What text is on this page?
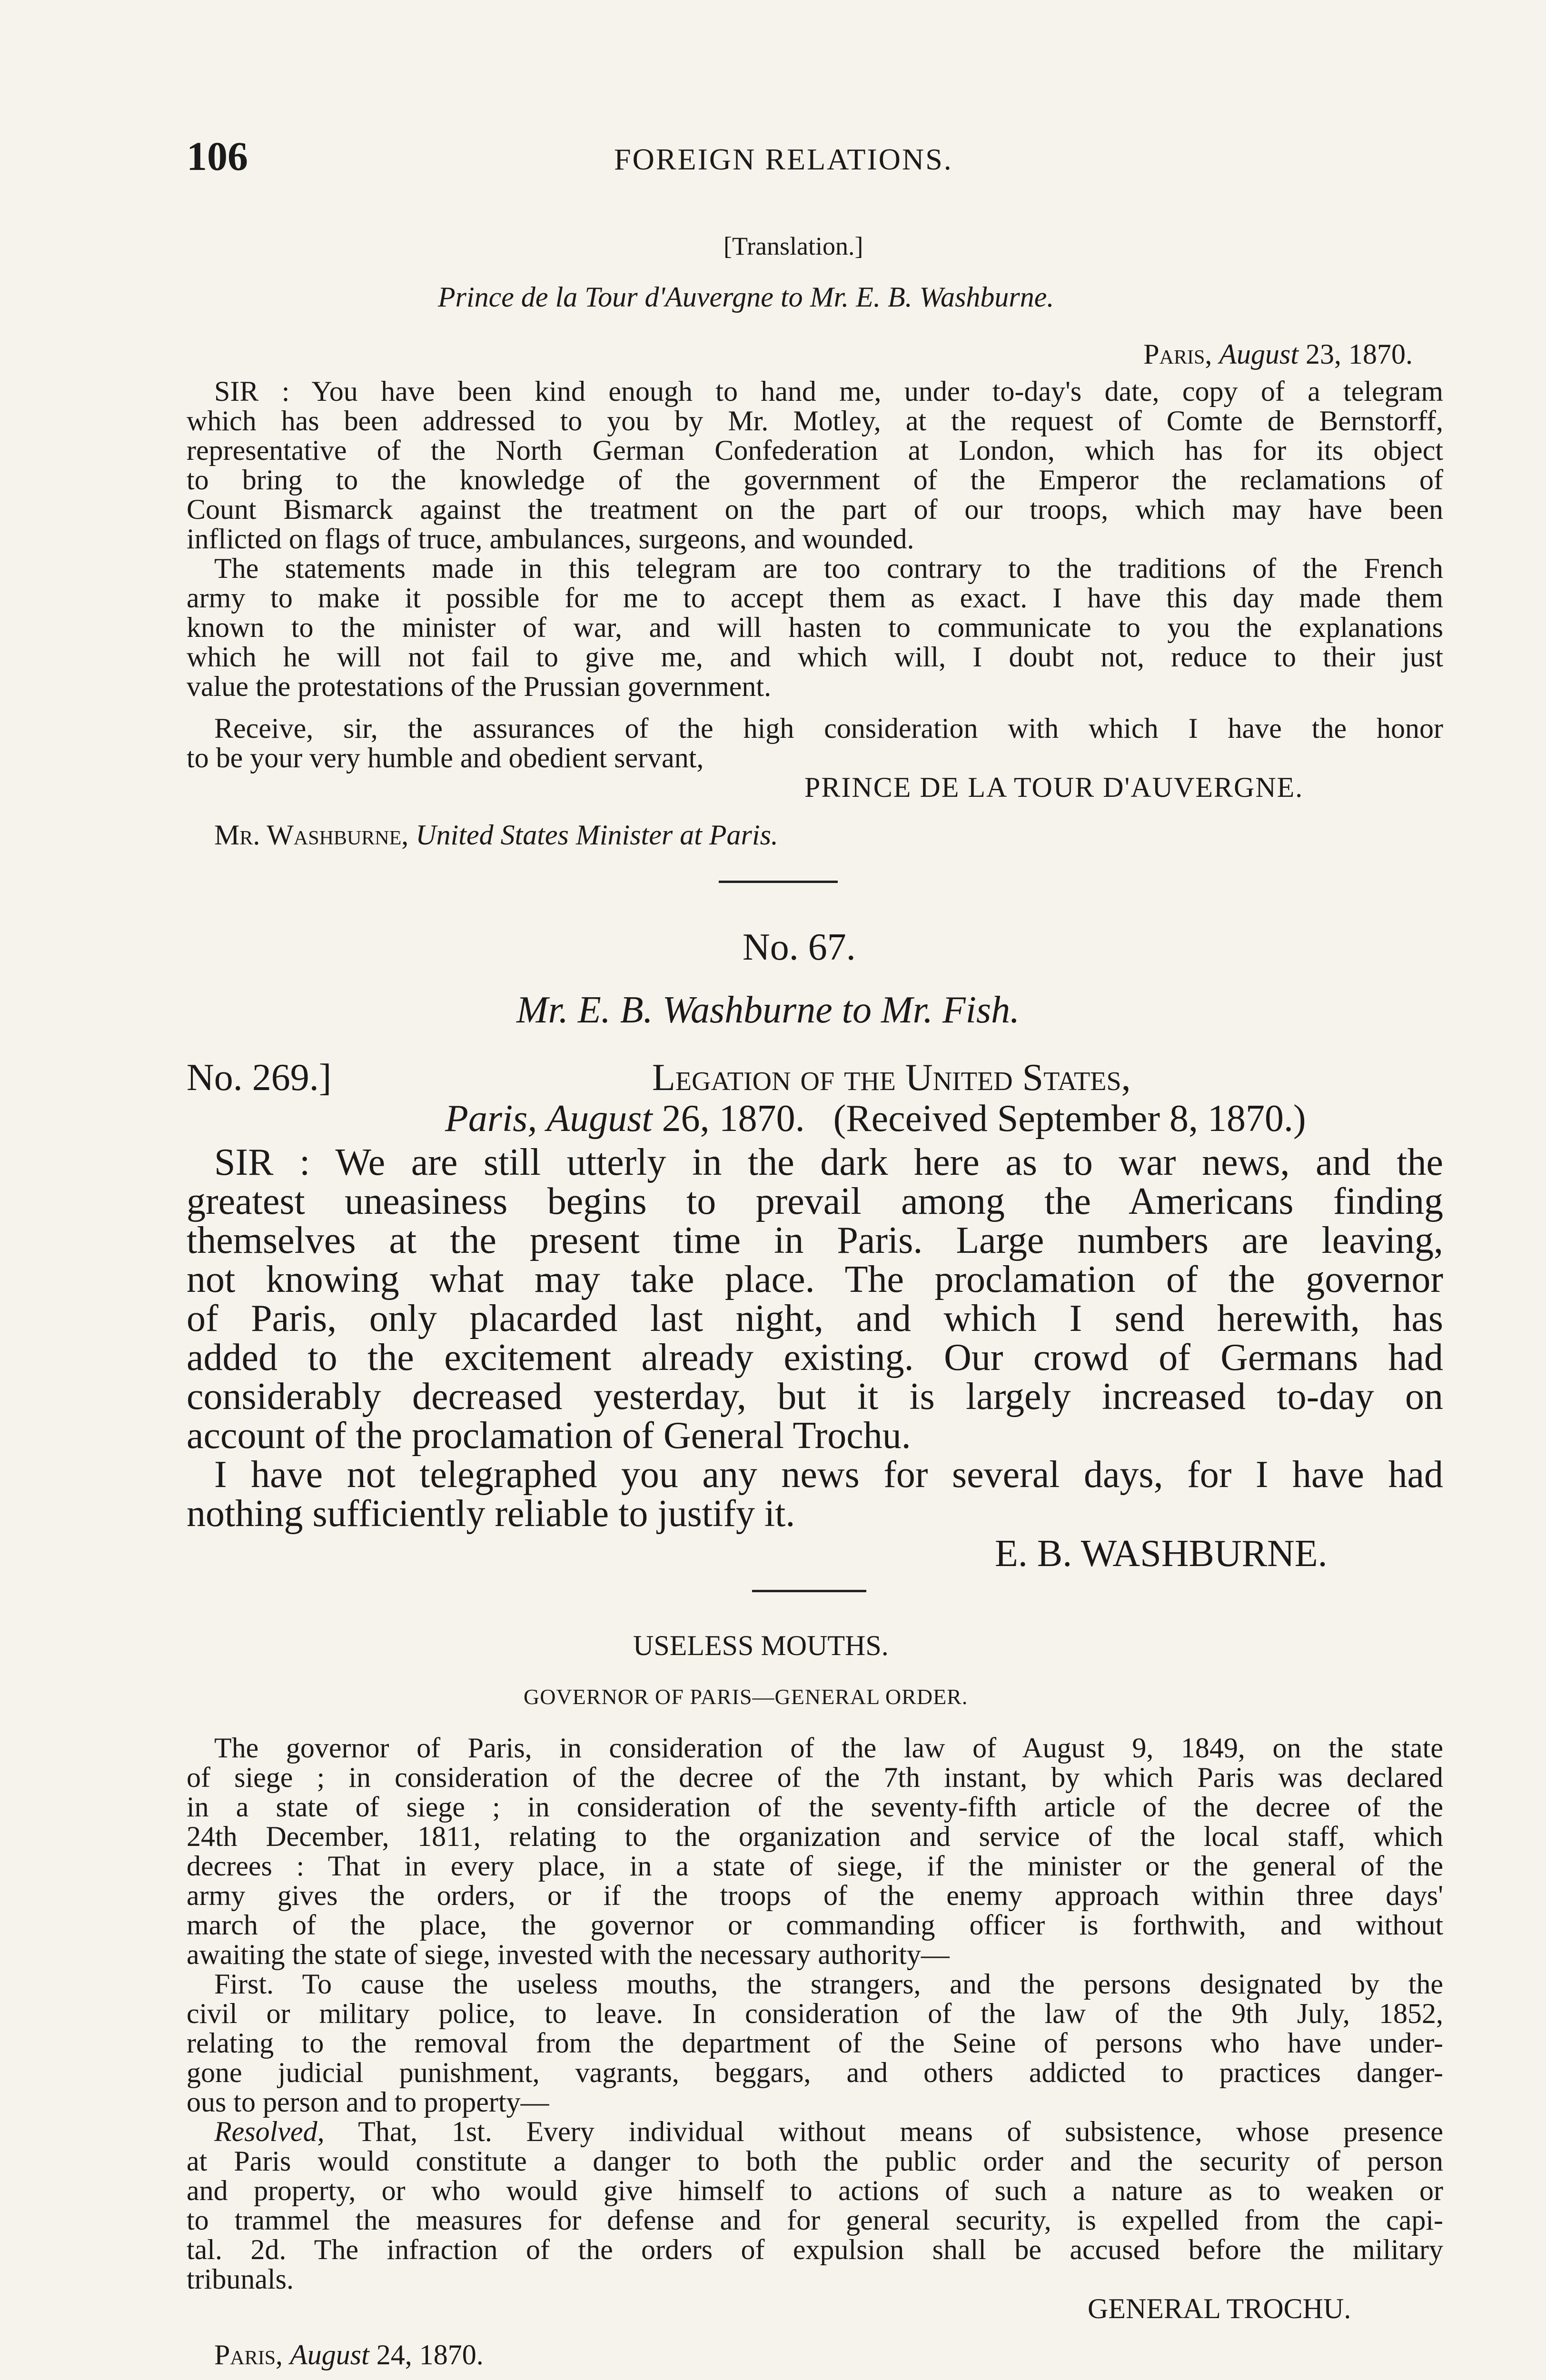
106	FOREIGN RELATIONS.
[Translation.]
Prince de la Tour d'Auvergne to Mr. E. B. Washburne.
Paris, August 23, 1870.
SIR : You have been kind enough to hand me, under to-day's date, copy of a telegram
which has been addressed to you by Mr. Motley, at the request of Comte de Bernstorff,
representative of the North German Confederation at London, which has for its object
to bring to the knowledge of the government of the Emperor the reclamations of
Count Bismarck against the treatment on the part of our troops, which may have been
inflicted on flags of truce, ambulances, surgeons, and wounded.
The statements made in this telegram are too contrary to the traditions of the French
army to make it possible for me to accept them as exact. I have this day made them
known to the minister of war, and will hasten to communicate to you the explanations
which he will not fail to give me, and which will, I doubt not, reduce to their just
value the protestations of the Prussian government.
Receive, sir, the assurances of the high consideration with which I have the honor
to be your very humble and obedient servant,
PRINCE DE LA TOUR D'AUVERGNE.
Mr. Washburne, United States Minister at Paris.
No. 67.
Mr. E. B. Washburne to Mr. Fish.
No. 269.]	Legation of the United States,
Paris, August 26, 1870. (Received September 8, 1870.)
SIR : We are still utterly in the dark here as to war news, and the
greatest uneasiness begins to prevail among the Americans finding
themselves at the present time in Paris. Large numbers are leaving,
not knowing what may take place. The proclamation of the governor
of Paris, only placarded last night, and which I send herewith, has
added to the excitement already existing. Our crowd of Germans had
considerably decreased yesterday, but it is largely increased to-day on
account of the proclamation of General Trochu.
I have not telegraphed you any news for several days, for I have had
nothing sufficiently reliable to justify it.
E. B. WASHBURNE.
USELESS MOUTHS.
GOVERNOR OF PARIS—GENERAL ORDER.
The governor of Paris, in consideration of the law of August 9, 1849, on the state
of siege ; in consideration of the decree of the 7th instant, by which Paris was declared
in a state of siege ; in consideration of the seventy-fifth article of the decree of the
24th December, 1811, relating to the organization and service of the local staff, which
decrees : That in every place, in a state of siege, if the minister or the general of the
army gives the orders, or if the troops of the enemy approach within three days'
march of the place, the governor or commanding officer is forthwith, and without
awaiting the state of siege, invested with the necessary authority—
First. To cause the useless mouths, the strangers, and the persons designated by the
civil or military police, to leave. In consideration of the law of the 9th July, 1852,
relating to the removal from the department of the Seine of persons who have under-
gone judicial punishment, vagrants, beggars, and others addicted to practices danger-
ous to person and to property—
Resolved, That, 1st. Every individual without means of subsistence, whose presence
at Paris would constitute a danger to both the public order and the security of person
and property, or who would give himself to actions of such a nature as to weaken or
to trammel the measures for defense and for general security, is expelled from the capi-
tal. 2d. The infraction of the orders of expulsion shall be accused before the military
tribunals.
GENERAL TROCHU.
Paris, August 24, 1870.
